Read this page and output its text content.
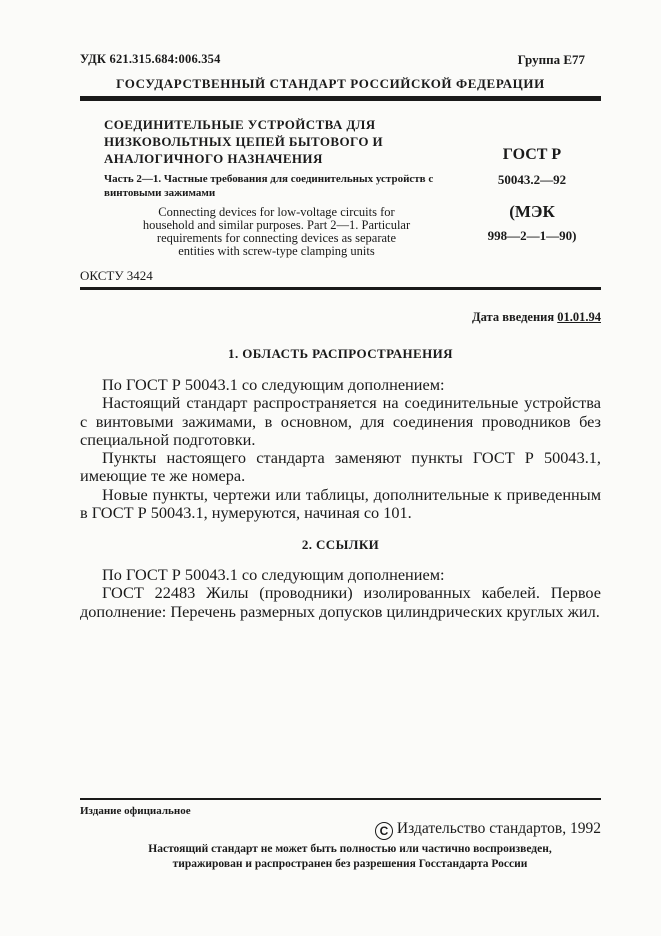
УДК 621.315.684:006.354	Группа Е77
ГОСУДАРСТВЕННЫЙ СТАНДАРТ РОССИЙСКОЙ ФЕДЕРАЦИИ
СОЕДИНИТЕЛЬНЫЕ УСТРОЙСТВА ДЛЯ
НИЗКОВОЛЬТНЫХ ЦЕПЕЙ БЫТОВОГО И
АНАЛОГИЧНОГО НАЗНАЧЕНИЯ
Часть 2—1. Частные требования для соединительных устройств с винтовыми зажимами
Connecting devices for low-voltage circuits for
household and similar purposes. Part 2—1. Particular
requirements for connecting devices as separate
entities with screw-type clamping units
ГОСТ Р
50043.2—92
(МЭК
998—2—1—90)
ОКСТУ 3424
Дата введения 01.01.94
1. ОБЛАСТЬ РАСПРОСТРАНЕНИЯ

По ГОСТ Р 50043.1 со следующим дополнением:

Настоящий стандарт распространяется на соединительные устройства с винтовыми зажимами, в основном, для соединения проводников без специальной подготовки.

Пункты настоящего стандарта заменяют пункты ГОСТ Р 50043.1, имеющие те же номера.

Новые пункты, чертежи или таблицы, дополнительные к приведенным в ГОСТ Р 50043.1, нумеруются, начиная со 101.

2. ССЫЛКИ

По ГОСТ Р 50043.1 со следующим дополнением:

ГОСТ 22483 Жилы (проводники) изолированных кабелей. Первое дополнение: Перечень размерных допусков цилиндрических круглых жил.

Издание официальное
С Издательство стандартов, 1992
Настоящий стандарт не может быть полностью или частично воспроизведен,
тиражирован и распространен без разрешения Госстандарта России
